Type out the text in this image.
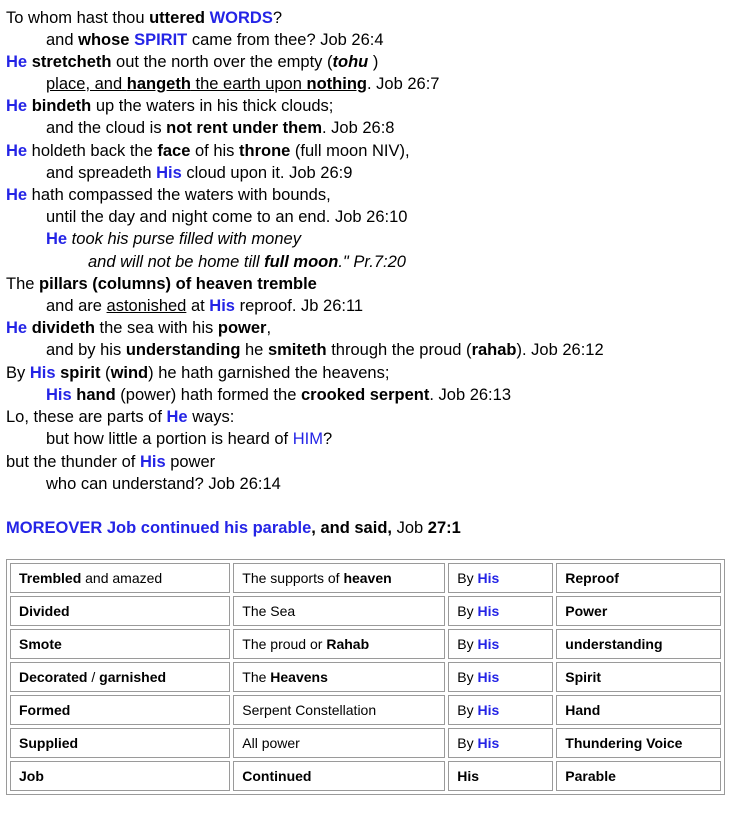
To whom hast thou uttered WORDS?
and whose SPIRIT came from thee? Job 26:4
He stretcheth out the north over the empty (tohu )
place, and hangeth the earth upon nothing. Job 26:7
He bindeth up the waters in his thick clouds;
and the cloud is not rent under them. Job 26:8
He holdeth back the face of his throne (full moon NIV),
and spreadeth His cloud upon it. Job 26:9
He hath compassed the waters with bounds,
until the day and night come to an end. Job 26:10
He took his purse filled with money
and will not be home till full moon." Pr.7:20
The pillars (columns) of heaven tremble
and are astonished at His reproof. Jb 26:11
He divideth the sea with his power,
and by his understanding he smiteth through the proud (rahab). Job 26:12
By His spirit (wind) he hath garnished the heavens;
His hand (power) hath formed the crooked serpent. Job 26:13
Lo, these are parts of He ways:
but how little a portion is heard of HIM?
but the thunder of His power
who can understand? Job 26:14
MOREOVER Job continued his parable, and said, Job 27:1
Trembled and amazed	The supports of heaven	By His	Reproof
Divided	The Sea	By His	Power
Smote	The proud or Rahab	By His	understanding
Decorated / garnished	The Heavens	By His	Spirit
Formed	Serpent Constellation	By His	Hand
Supplied	All power	By His	Thundering Voice
Job	Continued	His	Parable
